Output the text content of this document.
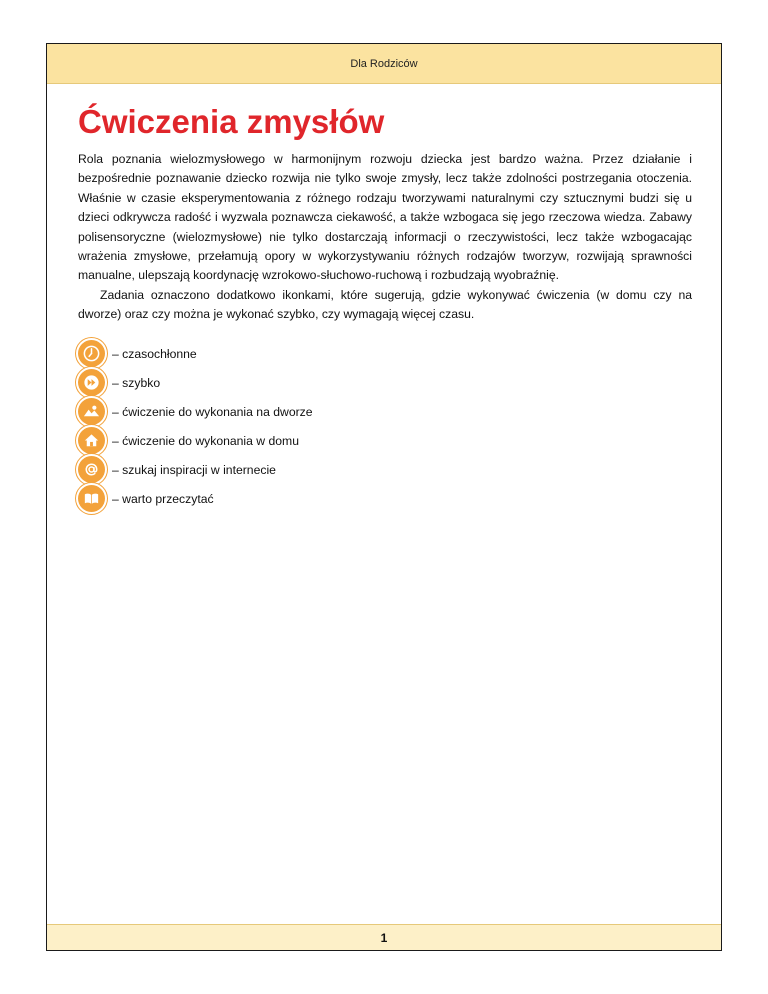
Dla Rodziców
Ćwiczenia zmysłów

Rola poznania wielozmysłowego w harmonijnym rozwoju dziecka jest bardzo ważna. Przez działanie i bezpośrednie poznawanie dziecko rozwija nie tylko swoje zmysły, lecz także zdolności postrzegania otoczenia. Właśnie w czasie eksperymentowania z różnego rodzaju tworzywami naturalnymi czy sztucznymi budzi się u dzieci odkrywcza radość i wyzwala poznawcza ciekawość, a także wzbogaca się jego rzeczowa wiedza. Zabawy polisensoryczne (wielozmysłowe) nie tylko dostarczają informacji o rzeczywistości, lecz także wzbogacając wrażenia zmysłowe, przełamują opory w wykorzystywaniu różnych rodzajów tworzyw, rozwijają sprawności manualne, ulepszają koordynację wzrokowo-słuchowo-ruchową i rozbudzają wyobraźnię.

Zadania oznaczono dodatkowo ikonkami, które sugerują, gdzie wykonywać ćwiczenia (w domu czy na dworze) oraz czy można je wykonać szybko, czy wymagają więcej czasu.

– czasochłonne
– szybko
– ćwiczenie do wykonania na dworze
– ćwiczenie do wykonania w domu
– szukaj inspiracji w internecie
– warto przeczytać
1
